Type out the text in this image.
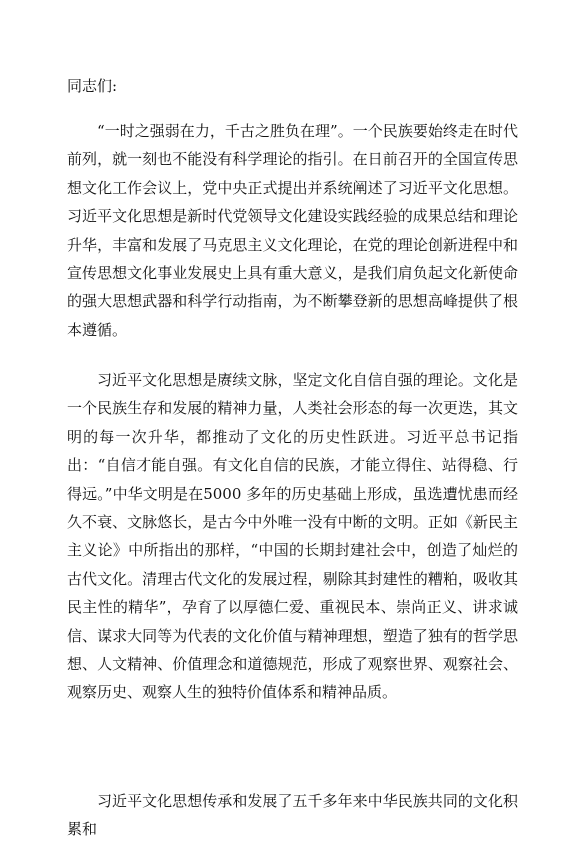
同志们:

“一时之强弱在力，千古之胜负在理”。一个民族要始终走在时代前列，就一刻也不能没有科学理论的指引。在日前召开的全国宣传思想文化工作会议上，党中央正式提出并系统阐述了习近平文化思想。习近平文化思想是新时代党领导文化建设实践经验的成果总结和理论升华，丰富和发展了马克思主义文化理论，在党的理论创新进程中和宣传思想文化事业发展史上具有重大意义，是我们肩负起文化新使命的强大思想武器和科学行动指南，为不断攀登新的思想高峰提供了根本遵循。

习近平文化思想是赓续文脉，坚定文化自信自强的理论。文化是一个民族生存和发展的精神力量，人类社会形态的每一次更迭，其文明的每一次升华，都推动了文化的历史性跃进。习近平总书记指出：“自信才能自强。有文化自信的民族，才能立得住、站得稳、行得远。”中华文明是在5000 多年的历史基础上形成，虽选遭忧患而经久不衰、文脉悠长，是古今中外唯一没有中断的文明。正如《新民主主义论》中所指出的那样，“中国的长期封建社会中，创造了灿烂的古代文化。清理古代文化的发展过程，剔除其封建性的糟粕，吸收其民主性的精华”，孕育了以厚德仁爱、重视民本、崇尚正义、讲求诚信、谋求大同等为代表的文化价值与精神理想，塑造了独有的哲学思想、人文精神、价值理念和道德规范，形成了观察世界、观察社会、观察历史、观察人生的独特价值体系和精神品质。

习近平文化思想传承和发展了五千多年来中华民族共同的文化积累和
